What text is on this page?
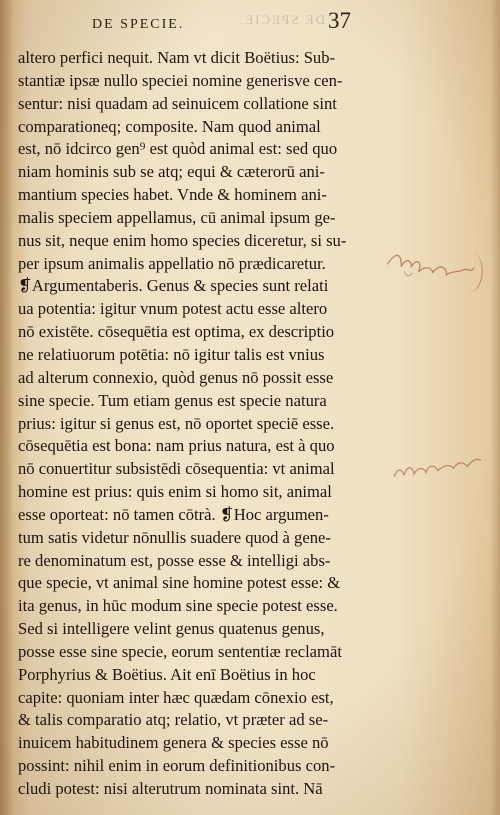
DE SPECIE.	DE SPECIE. 37
altero perfici nequit. Nam vt dicit Boëtius: Sub-
stantiæ ipsæ nullo speciei nomine generisve cen-
sentur: nisi quadam ad seinuicem collatione sint
comparationeq; composite. Nam quod animal
est, nō idcirco gen⁹ est quòd animal est: sed quo
niam hominis sub se atq; equi & cæterorū ani-
mantium species habet. Vnde & hominem ani-
malis speciem appellamus, cū animal ipsum ge-
nus sit, neque enim homo species diceretur, si su-
per ipsum animalis appellatio nō prædicaretur.
❡Argumentaberis. Genus & species sunt relati
ua potentia: igitur vnum potest actu esse altero
nō existēte. cōsequētia est optima, ex descriptio
ne relatiuorum potētia: nō igitur talis est vnius
ad alterum connexio, quòd genus nō possit esse
sine specie. Tum etiam genus est specie natura
prius: igitur si genus est, nō oportet speciē esse.
cōsequētia est bona: nam prius natura, est à quo
nō conuertitur subsistēdi cōsequentia: vt animal
homine est prius: quis enim si homo sit, animal
esse oporteat: nō tamen cōtrà. ❡Hoc argumen-
tum satis videtur nōnullis suadere quod à gene-
re denominatum est, posse esse & intelligi abs-
que specie, vt animal sine homine potest esse: &
ita genus, in hūc modum sine specie potest esse.
Sed si intelligere velint genus quatenus genus,
posse esse sine specie, eorum sententiæ reclamāt
Porphyrius & Boëtius. Ait enī Boëtius in hoc
capite: quoniam inter hæc quædam cōnexio est,
& talis comparatio atq; relatio, vt præter ad se-
inuicem habitudinem genera & species esse nō
possint: nihil enim in eorum definitionibus con-
cludi potest: nisi alterutrum nominata sint. Nā
